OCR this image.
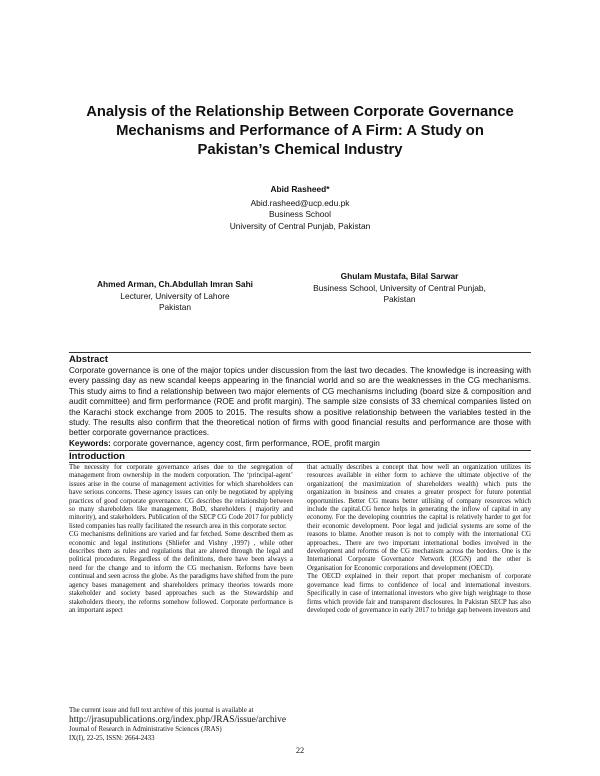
Analysis of the Relationship Between Corporate Governance
Mechanisms and Performance of A Firm: A Study on
Pakistan’s Chemical Industry
Abid Rasheed*
Abid.rasheed@ucp.edu.pk
Business School
University of Central Punjab, Pakistan
Ahmed Arman, Ch.Abdullah Imran Sahi
Lecturer, University of Lahore
Pakistan
Ghulam Mustafa, Bilal Sarwar
Business School, University of Central Punjab,
Pakistan
Abstract

Corporate governance is one of the major topics under discussion from the last two decades. The knowledge is increasing with every passing day as new scandal keeps appearing in the financial world and so are the weaknesses in the CG mechanisms. This study aims to find a relationship between two major elements of CG mechanisms including (board size & composition and audit committee) and firm performance (ROE and profit margin). The sample size consists of 33 chemical companies listed on the Karachi stock exchange from 2005 to 2015. The results show a positive relationship between the variables tested in the study. The results also confirm that the theoretical notion of firms with good financial results and performance are those with better corporate governance practices.
Keywords: corporate governance, agency cost, firm performance, ROE, profit margin

Introduction

The necessity for corporate governance arises due to the segregation of management from ownership in the modern corporation. The ‘principal-agent’ issues arise in the course of management activities for which shareholders can have serious concerns. These agency issues can only be negotiated by applying practices of good corporate governance. CG describes the relationship between so many shareholders like management, BoD, shareholders ( majority and minority), and stakeholders. Publication of the SECP CG Code 2017 for publicly listed companies has really facilitated the research area in this corporate sector.

CG mechanisms definitions are varied and far fetched. Some described them as economic and legal institutions (Shliefer and Vishny ,1997) , while other describes them as rules and regulations that are altered through the legal and political procedures. Regardless of the definitions, there have been always a need for the change and to inform the CG mechanism. Reforms have been continual and seen across the globe. As the paradigms have shifted from the pure agency bases management and shareholders primacy theories towards more stakeholder and society based approaches such as the Stewardship and stakeholders theory, the reforms somehow followed. Corporate performance is an important aspect

that actually describes a concept that how well an organization utilizes its resources available in either form to achieve the ultimate objective of the organization( the maximization of shareholders wealth) which puts the organization in business and creates a greater prospect for future potential opportunities. Better CG means better utilising of company resources which include the capital.CG hence helps in generating the inflow of capital in any economy. For the developing countries the capital is relatively harder to get for their economic development. Poor legal and judicial systems are some of the reasons to blame. Another reason is not to comply with the international CG approaches.. There are two important international bodies involved in the development and reforms of the CG mechanism across the borders. One is the International Corporate Governance Network (ICGN) and the other is Organisation for Economic corporations and development (OECD).

The OECD explained in their report that proper mechanism of corporate governance lead firms to confidence of local and international investors. Specifically in case of international investors who give high weightage to those firms which provide fair and transparent disclosures. In Pakistan SECP has also developed code of governance in early 2017 to bridge gap between investors and

The current issue and full text archive of this journal is available at
http://jrasupublications.org/index.php/JRAS/issue/archive
Journal of Research in Administrative Sciences (JRAS)
IX(I), 22-25, ISSN: 2664-2433
22
